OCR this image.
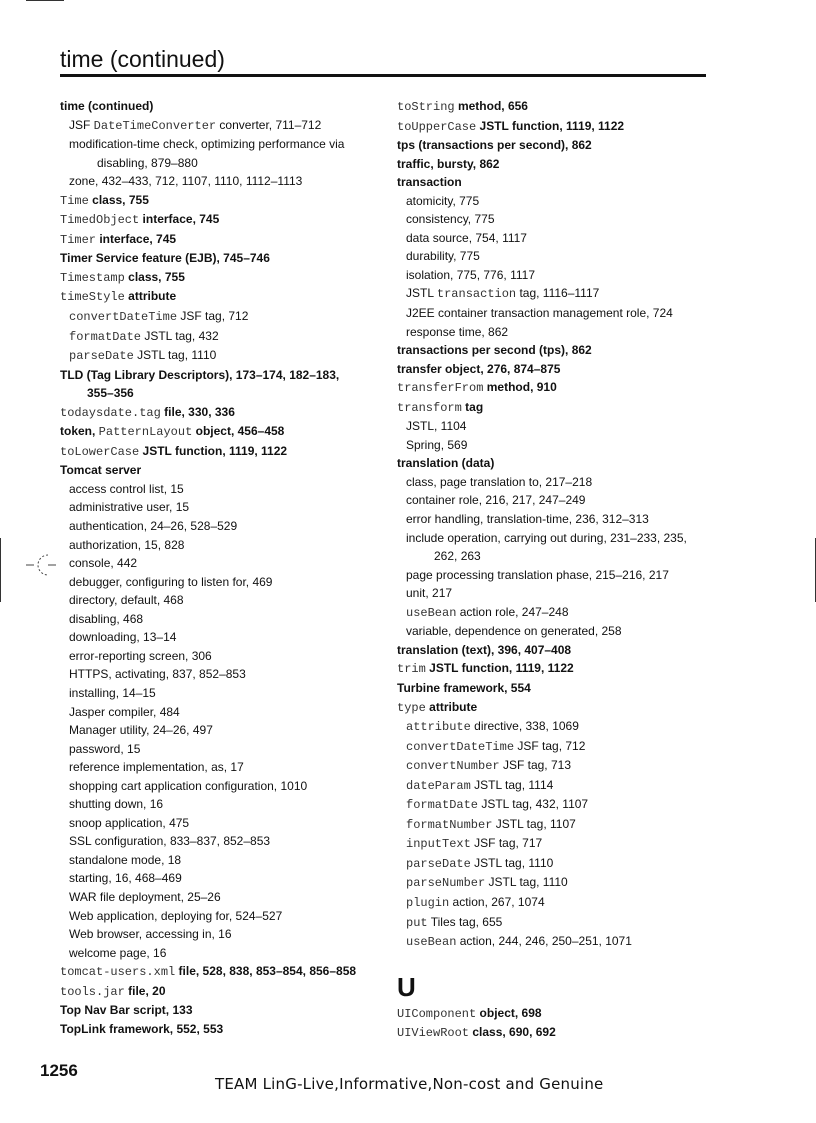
time (continued)
time (continued)
JSF DateTimeConverter converter, 711–712
modification-time check, optimizing performance via
disabling, 879–880
zone, 432–433, 712, 1107, 1110, 1112–1113
Time class, 755
TimedObject interface, 745
Timer interface, 745
Timer Service feature (EJB), 745–746
Timestamp class, 755
timeStyle attribute
convertDateTime JSF tag, 712
formatDate JSTL tag, 432
parseDate JSTL tag, 1110
TLD (Tag Library Descriptors), 173–174, 182–183,
355–356
todaysdate.tag file, 330, 336
token, PatternLayout object, 456–458
toLowerCase JSTL function, 1119, 1122
Tomcat server
access control list, 15
administrative user, 15
authentication, 24–26, 528–529
authorization, 15, 828
console, 442
debugger, configuring to listen for, 469
directory, default, 468
disabling, 468
downloading, 13–14
error-reporting screen, 306
HTTPS, activating, 837, 852–853
installing, 14–15
Jasper compiler, 484
Manager utility, 24–26, 497
password, 15
reference implementation, as, 17
shopping cart application configuration, 1010
shutting down, 16
snoop application, 475
SSL configuration, 833–837, 852–853
standalone mode, 18
starting, 16, 468–469
WAR file deployment, 25–26
Web application, deploying for, 524–527
Web browser, accessing in, 16
welcome page, 16
tomcat-users.xml file, 528, 838, 853–854, 856–858
tools.jar file, 20
Top Nav Bar script, 133
TopLink framework, 552, 553
toString method, 656
toUpperCase JSTL function, 1119, 1122
tps (transactions per second), 862
traffic, bursty, 862
transaction
atomicity, 775
consistency, 775
data source, 754, 1117
durability, 775
isolation, 775, 776, 1117
JSTL transaction tag, 1116–1117
J2EE container transaction management role, 724
response time, 862
transactions per second (tps), 862
transfer object, 276, 874–875
transferFrom method, 910
transform tag
JSTL, 1104
Spring, 569
translation (data)
class, page translation to, 217–218
container role, 216, 217, 247–249
error handling, translation-time, 236, 312–313
include operation, carrying out during, 231–233, 235,
262, 263
page processing translation phase, 215–216, 217
unit, 217
useBean action role, 247–248
variable, dependence on generated, 258
translation (text), 396, 407–408
trim JSTL function, 1119, 1122
Turbine framework, 554
type attribute
attribute directive, 338, 1069
convertDateTime JSF tag, 712
convertNumber JSF tag, 713
dateParam JSTL tag, 1114
formatDate JSTL tag, 432, 1107
formatNumber JSTL tag, 1107
inputText JSF tag, 717
parseDate JSTL tag, 1110
parseNumber JSTL tag, 1110
plugin action, 267, 1074
put Tiles tag, 655
useBean action, 244, 246, 250–251, 1071
U
UIComponent object, 698
UIViewRoot class, 690, 692
1256
TEAM LinG-Live,Informative,Non-cost and Genuine
